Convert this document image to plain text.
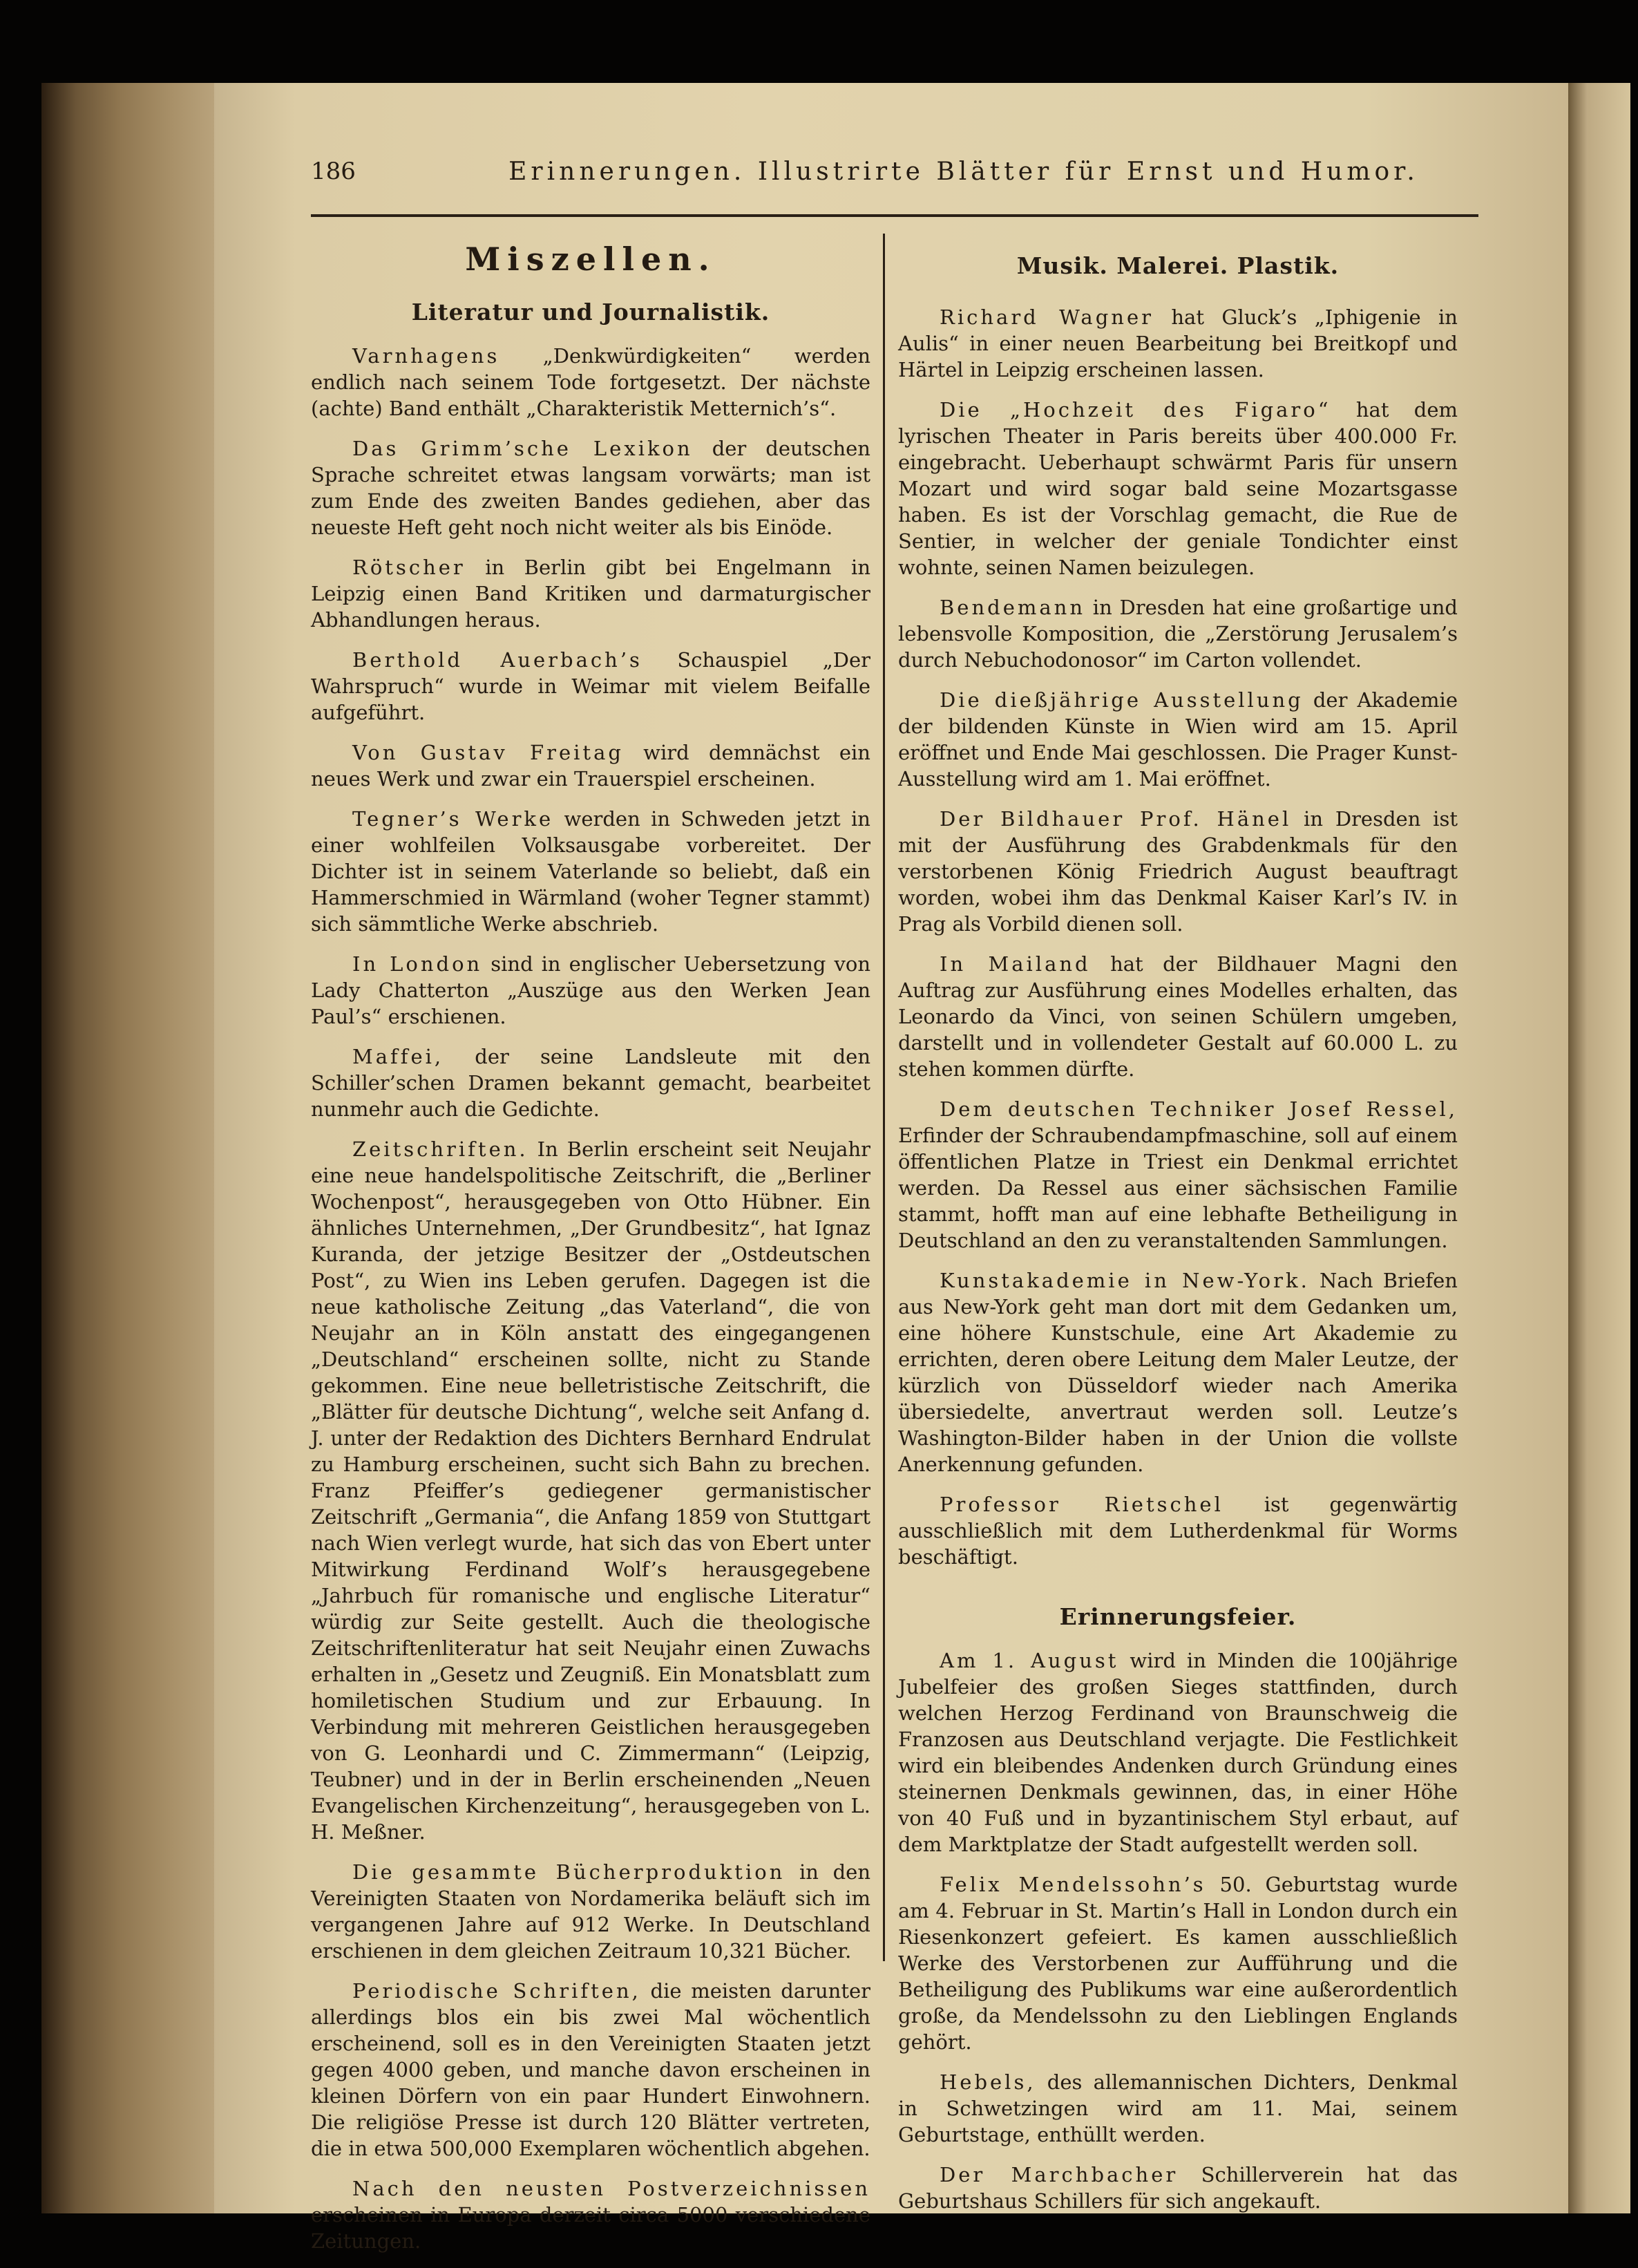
186	Erinnerungen. Illustrirte Blätter für Ernst und Humor.
Miszellen.
Literatur und Journalistik.

Varnhagens „Denkwürdigkeiten“ werden endlich nach seinem Tode fortgesetzt. Der nächste (achte) Band enthält „Charakteristik Metternich’s“.

Das Grimm’sche Lexikon der deutschen Sprache schreitet etwas langsam vorwärts; man ist zum Ende des zweiten Bandes gediehen, aber das neueste Heft geht noch nicht weiter als bis Einöde.

Rötscher in Berlin gibt bei Engelmann in Leipzig einen Band Kritiken und darmaturgischer Abhandlungen heraus.

Berthold Auerbach’s Schauspiel „Der Wahrspruch“ wurde in Weimar mit vielem Beifalle aufgeführt.

Von Gustav Freitag wird demnächst ein neues Werk und zwar ein Trauerspiel erscheinen.

Tegner’s Werke werden in Schweden jetzt in einer wohlfeilen Volksausgabe vorbereitet. Der Dichter ist in seinem Vaterlande so beliebt, daß ein Hammerschmied in Wärmland (woher Tegner stammt) sich sämmtliche Werke abschrieb.

In London sind in englischer Uebersetzung von Lady Chatterton „Auszüge aus den Werken Jean Paul’s“ erschienen.

Maffei, der seine Landsleute mit den Schiller’schen Dramen bekannt gemacht, bearbeitet nunmehr auch die Gedichte.

Zeitschriften. In Berlin erscheint seit Neujahr eine neue handelspolitische Zeitschrift, die „Berliner Wochenpost“, herausgegeben von Otto Hübner. Ein ähnliches Unternehmen, „Der Grundbesitz“, hat Ignaz Kuranda, der jetzige Besitzer der „Ostdeutschen Post“, zu Wien ins Leben gerufen. Dagegen ist die neue katholische Zeitung „das Vaterland“, die von Neujahr an in Köln anstatt des eingegangenen „Deutschland“ erscheinen sollte, nicht zu Stande gekommen. Eine neue belletristische Zeitschrift, die „Blätter für deutsche Dichtung“, welche seit Anfang d. J. unter der Redaktion des Dichters Bernhard Endrulat zu Hamburg erscheinen, sucht sich Bahn zu brechen. Franz Pfeiffer’s gediegener germanistischer Zeitschrift „Germania“, die Anfang 1859 von Stuttgart nach Wien verlegt wurde, hat sich das von Ebert unter Mitwirkung Ferdinand Wolf’s herausgegebene „Jahrbuch für romanische und englische Literatur“ würdig zur Seite gestellt. Auch die theologische Zeitschriftenliteratur hat seit Neujahr einen Zuwachs erhalten in „Gesetz und Zeugniß. Ein Monatsblatt zum homiletischen Studium und zur Erbauung. In Verbindung mit mehreren Geistlichen herausgegeben von G. Leonhardi und C. Zimmermann“ (Leipzig, Teubner) und in der in Berlin erscheinenden „Neuen Evangelischen Kirchenzeitung“, herausgegeben von L. H. Meßner.

Die gesammte Bücherproduktion in den Vereinigten Staaten von Nordamerika beläuft sich im vergangenen Jahre auf 912 Werke. In Deutschland erschienen in dem gleichen Zeitraum 10,321 Bücher.

Periodische Schriften, die meisten darunter allerdings blos ein bis zwei Mal wöchentlich erscheinend, soll es in den Vereinigten Staaten jetzt gegen 4000 geben, und manche davon erscheinen in kleinen Dörfern von ein paar Hundert Einwohnern. Die religiöse Presse ist durch 120 Blätter vertreten, die in etwa 500,000 Exemplaren wöchentlich abgehen.

Nach den neusten Postverzeichnissen erscheinen in Europa derzeit circa 5000 verschiedene Zeitungen.

Musik. Malerei. Plastik.

Richard Wagner hat Gluck’s „Iphigenie in Aulis“ in einer neuen Bearbeitung bei Breitkopf und Härtel in Leipzig erscheinen lassen.

Die „Hochzeit des Figaro“ hat dem lyrischen Theater in Paris bereits über 400.000 Fr. eingebracht. Ueberhaupt schwärmt Paris für unsern Mozart und wird sogar bald seine Mozartsgasse haben. Es ist der Vorschlag gemacht, die Rue de Sentier, in welcher der geniale Tondichter einst wohnte, seinen Namen beizulegen.

Bendemann in Dresden hat eine großartige und lebensvolle Komposition, die „Zerstörung Jerusalem’s durch Nebuchodonosor“ im Carton vollendet.

Die dießjährige Ausstellung der Akademie der bildenden Künste in Wien wird am 15. April eröffnet und Ende Mai geschlossen. Die Prager Kunst-Ausstellung wird am 1. Mai eröffnet.

Der Bildhauer Prof. Hänel in Dresden ist mit der Ausführung des Grabdenkmals für den verstorbenen König Friedrich August beauftragt worden, wobei ihm das Denkmal Kaiser Karl’s IV. in Prag als Vorbild dienen soll.

In Mailand hat der Bildhauer Magni den Auftrag zur Ausführung eines Modelles erhalten, das Leonardo da Vinci, von seinen Schülern umgeben, darstellt und in vollendeter Gestalt auf 60.000 L. zu stehen kommen dürfte.

Dem deutschen Techniker Josef Ressel, Erfinder der Schraubendampfmaschine, soll auf einem öffentlichen Platze in Triest ein Denkmal errichtet werden. Da Ressel aus einer sächsischen Familie stammt, hofft man auf eine lebhafte Betheiligung in Deutschland an den zu veranstaltenden Sammlungen.

Kunstakademie in New-York. Nach Briefen aus New-York geht man dort mit dem Gedanken um, eine höhere Kunstschule, eine Art Akademie zu errichten, deren obere Leitung dem Maler Leutze, der kürzlich von Düsseldorf wieder nach Amerika übersiedelte, anvertraut werden soll. Leutze’s Washington-Bilder haben in der Union die vollste Anerkennung gefunden.

Professor Rietschel ist gegenwärtig ausschließlich mit dem Lutherdenkmal für Worms beschäftigt.

Erinnerungsfeier.

Am 1. August wird in Minden die 100jährige Jubelfeier des großen Sieges stattfinden, durch welchen Herzog Ferdinand von Braunschweig die Franzosen aus Deutschland verjagte. Die Festlichkeit wird ein bleibendes Andenken durch Gründung eines steinernen Denkmals gewinnen, das, in einer Höhe von 40 Fuß und in byzantinischem Styl erbaut, auf dem Marktplatze der Stadt aufgestellt werden soll.

Felix Mendelssohn’s 50. Geburtstag wurde am 4. Februar in St. Martin’s Hall in London durch ein Riesenkonzert gefeiert. Es kamen ausschließlich Werke des Verstorbenen zur Aufführung und die Betheiligung des Publikums war eine außerordentlich große, da Mendelssohn zu den Lieblingen Englands gehört.

Hebels, des allemannischen Dichters, Denkmal in Schwetzingen wird am 11. Mai, seinem Geburtstage, enthüllt werden.

Der Marchbacher Schillerverein hat das Geburtshaus Schillers für sich angekauft.
